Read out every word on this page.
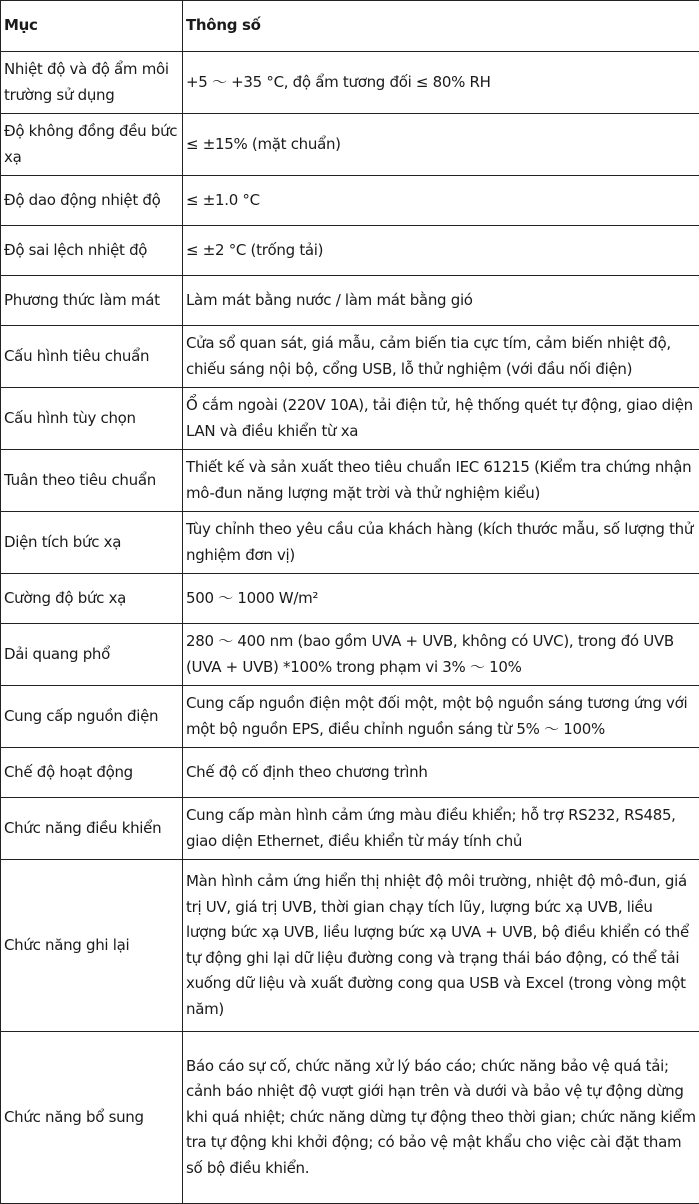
Mục	Thông số
Nhiệt độ và độ ẩm môi trường sử dụng	+5 ～ +35 °C, độ ẩm tương đối ≤ 80% RH
Độ không đồng đều bức xạ	≤ ±15% (mặt chuẩn)
Độ dao động nhiệt độ	≤ ±1.0 °C
Độ sai lệch nhiệt độ	≤ ±2 °C (trống tải)
Phương thức làm mát	Làm mát bằng nước / làm mát bằng gió
Cấu hình tiêu chuẩn	Cửa sổ quan sát, giá mẫu, cảm biến tia cực tím, cảm biến nhiệt độ, chiếu sáng nội bộ, cổng USB, lỗ thử nghiệm (với đầu nối điện)
Cấu hình tùy chọn	Ổ cắm ngoài (220V 10A), tải điện tử, hệ thống quét tự động, giao diện LAN và điều khiển từ xa
Tuân theo tiêu chuẩn	Thiết kế và sản xuất theo tiêu chuẩn IEC 61215 (Kiểm tra chứng nhận mô-đun năng lượng mặt trời và thử nghiệm kiểu)
Diện tích bức xạ	Tùy chỉnh theo yêu cầu của khách hàng (kích thước mẫu, số lượng thử nghiệm đơn vị)
Cường độ bức xạ	500 ～ 1000 W/m²
Dải quang phổ	280 ～ 400 nm (bao gồm UVA + UVB, không có UVC), trong đó UVB (UVA + UVB) *100% trong phạm vi 3% ～ 10%
Cung cấp nguồn điện	Cung cấp nguồn điện một đối một, một bộ nguồn sáng tương ứng với một bộ nguồn EPS, điều chỉnh nguồn sáng từ 5% ～ 100%
Chế độ hoạt động	Chế độ cố định theo chương trình
Chức năng điều khiển	Cung cấp màn hình cảm ứng màu điều khiển; hỗ trợ RS232, RS485, giao diện Ethernet, điều khiển từ máy tính chủ
Chức năng ghi lại	Màn hình cảm ứng hiển thị nhiệt độ môi trường, nhiệt độ mô-đun, giá trị UV, giá trị UVB, thời gian chạy tích lũy, lượng bức xạ UVB, liều lượng bức xạ UVB, liều lượng bức xạ UVA + UVB, bộ điều khiển có thể tự động ghi lại dữ liệu đường cong và trạng thái báo động, có thể tải xuống dữ liệu và xuất đường cong qua USB và Excel (trong vòng một năm)
Chức năng bổ sung	Báo cáo sự cố, chức năng xử lý báo cáo; chức năng bảo vệ quá tải; cảnh báo nhiệt độ vượt giới hạn trên và dưới và bảo vệ tự động dừng khi quá nhiệt; chức năng dừng tự động theo thời gian; chức năng kiểm tra tự động khi khởi động; có bảo vệ mật khẩu cho việc cài đặt tham số bộ điều khiển.
